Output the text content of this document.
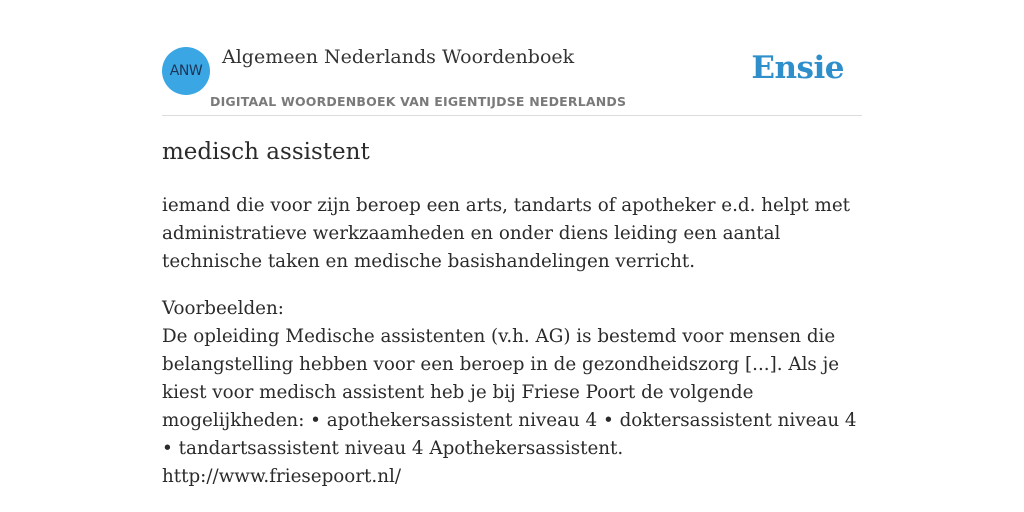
ANW
Algemeen Nederlands Woordenboek
DIGITAAL WOORDENBOEK VAN EIGENTIJDSE NEDERLANDS
Ensie
medisch assistent

iemand die voor zijn beroep een arts, tandarts of apotheker e.d. helpt met administratieve werkzaamheden en onder diens leiding een aantal technische taken en medische basishandelingen verricht.

Voorbeelden:
De opleiding Medische assistenten (v.h. AG) is bestemd voor mensen die belangstelling hebben voor een beroep in de gezondheidszorg [...]. Als je kiest voor medisch assistent heb je bij Friese Poort de volgende mogelijkheden: • apothekersassistent niveau 4 • doktersassistent niveau 4 • tandartsassistent niveau 4 Apothekersassistent.
http://www.friesepoort.nl/
